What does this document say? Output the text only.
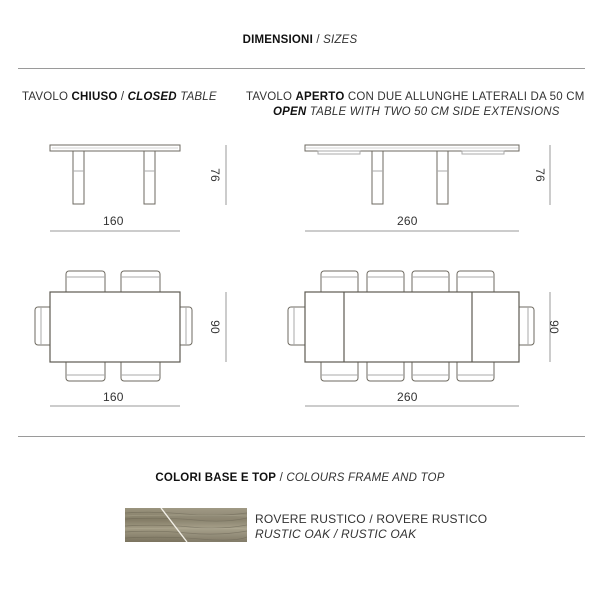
DIMENSIONI / SIZES
TAVOLO CHIUSO / CLOSED TABLE	TAVOLO APERTO CON DUE ALLUNGHE LATERALI DA 50 CM
OPEN TABLE WITH TWO 50 CM SIDE EXTENSIONS
160
76
260
76
160
90
260
90
COLORI BASE E TOP / COLOURS FRAME AND TOP
ROVERE RUSTICO / ROVERE RUSTICO
RUSTIC OAK / RUSTIC OAK
